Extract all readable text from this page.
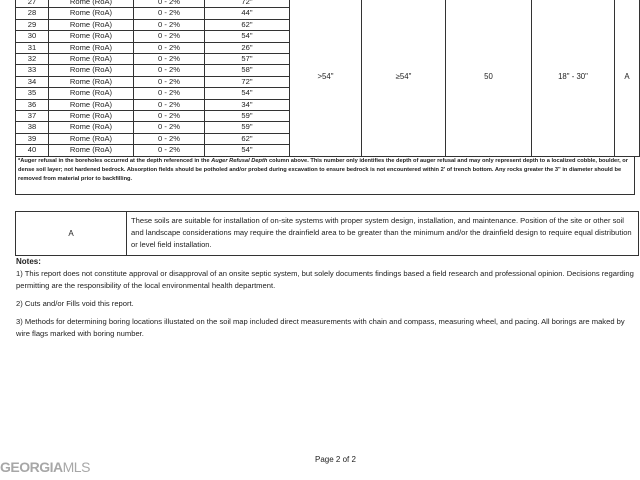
27	Rome (RoA)	0 - 2%	72"	>54"	≥54"	50	18" - 30"	A
28	Rome (RoA)	0 - 2%	44"					
29	Rome (RoA)	0 - 2%	62"					
30	Rome (RoA)	0 - 2%	54"					
31	Rome (RoA)	0 - 2%	26"					
32	Rome (RoA)	0 - 2%	57"					
33	Rome (RoA)	0 - 2%	58"					
34	Rome (RoA)	0 - 2%	72"					
35	Rome (RoA)	0 - 2%	54"					
36	Rome (RoA)	0 - 2%	34"					
37	Rome (RoA)	0 - 2%	59"					
38	Rome (RoA)	0 - 2%	59"					
39	Rome (RoA)	0 - 2%	62"					
40	Rome (RoA)	0 - 2%	54"					
*Auger refusal in the boreholes occurred at the depth referenced in the Auger Refusal Depth column above. This number only identifies the depth of auger refusal and may only represent depth to a localized cobble, boulder, or dense soil layer; not hardened bedrock. Absorption fields should be potholed and/or probed during excavation to ensure bedrock is not encountered within 2' of trench bottom. Any rocks greater the 3" in diameter should be removed from material prior to backfilling.
A
These soils are suitable for installation of on-site systems with proper system design, installation, and maintenance. Position of the site or other soil and landscape considerations may require the drainfield area to be greater than the minimum and/or the drainfield design to require equal distribution or level field installation.
Notes:

1) This report does not constitute approval or disapproval of an onsite septic system, but solely documents findings based a field research and professional opinion. Decisions regarding permitting are the responsibility of the local environmental health department.

2) Cuts and/or Fills void this report.

3) Methods for determining boring locations illustated on the soil map included direct measurements with chain and compass, measuring wheel, and pacing. All borings are maked by wire flags marked with boring number.

Page 2 of 2
GEORGIAMLS
